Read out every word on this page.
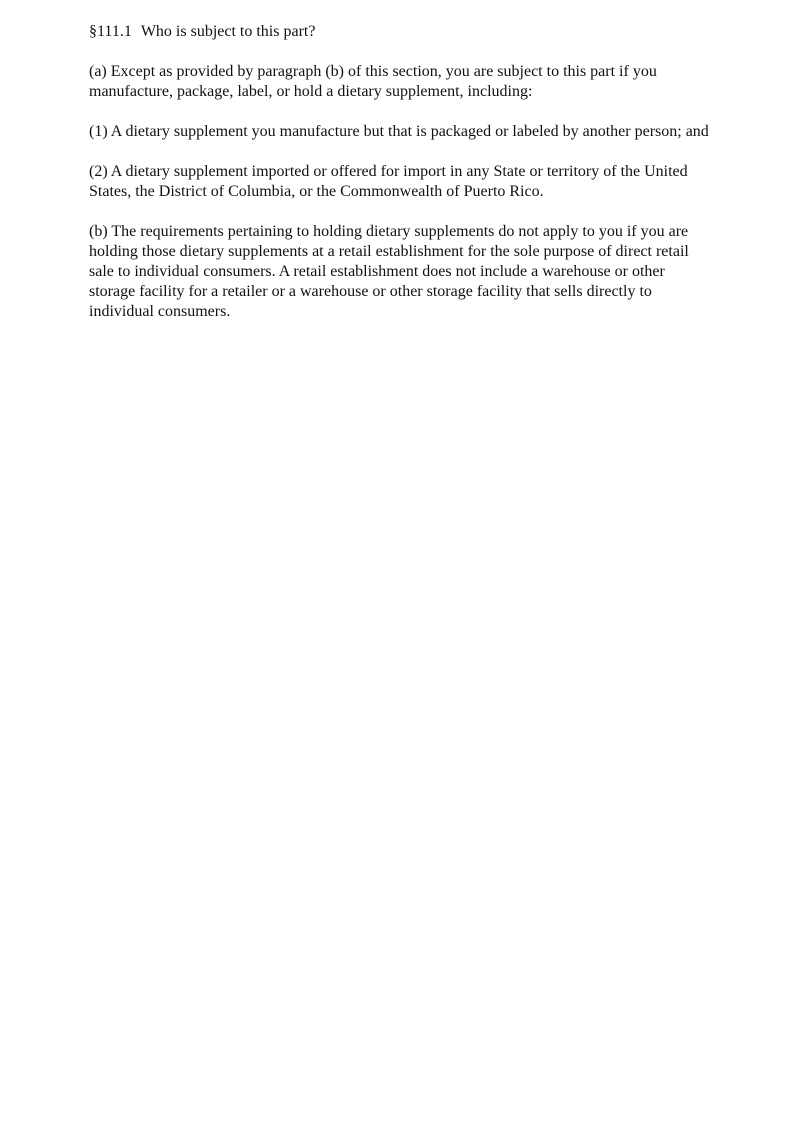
§111.1 Who is subject to this part?

(a) Except as provided by paragraph (b) of this section, you are subject to this part if you manufacture, package, label, or hold a dietary supplement, including:

(1) A dietary supplement you manufacture but that is packaged or labeled by another person; and

(2) A dietary supplement imported or offered for import in any State or territory of the United States, the District of Columbia, or the Commonwealth of Puerto Rico.

(b) The requirements pertaining to holding dietary supplements do not apply to you if you are holding those dietary supplements at a retail establishment for the sole purpose of direct retail sale to individual consumers. A retail establishment does not include a warehouse or other storage facility for a retailer or a warehouse or other storage facility that sells directly to individual consumers.
